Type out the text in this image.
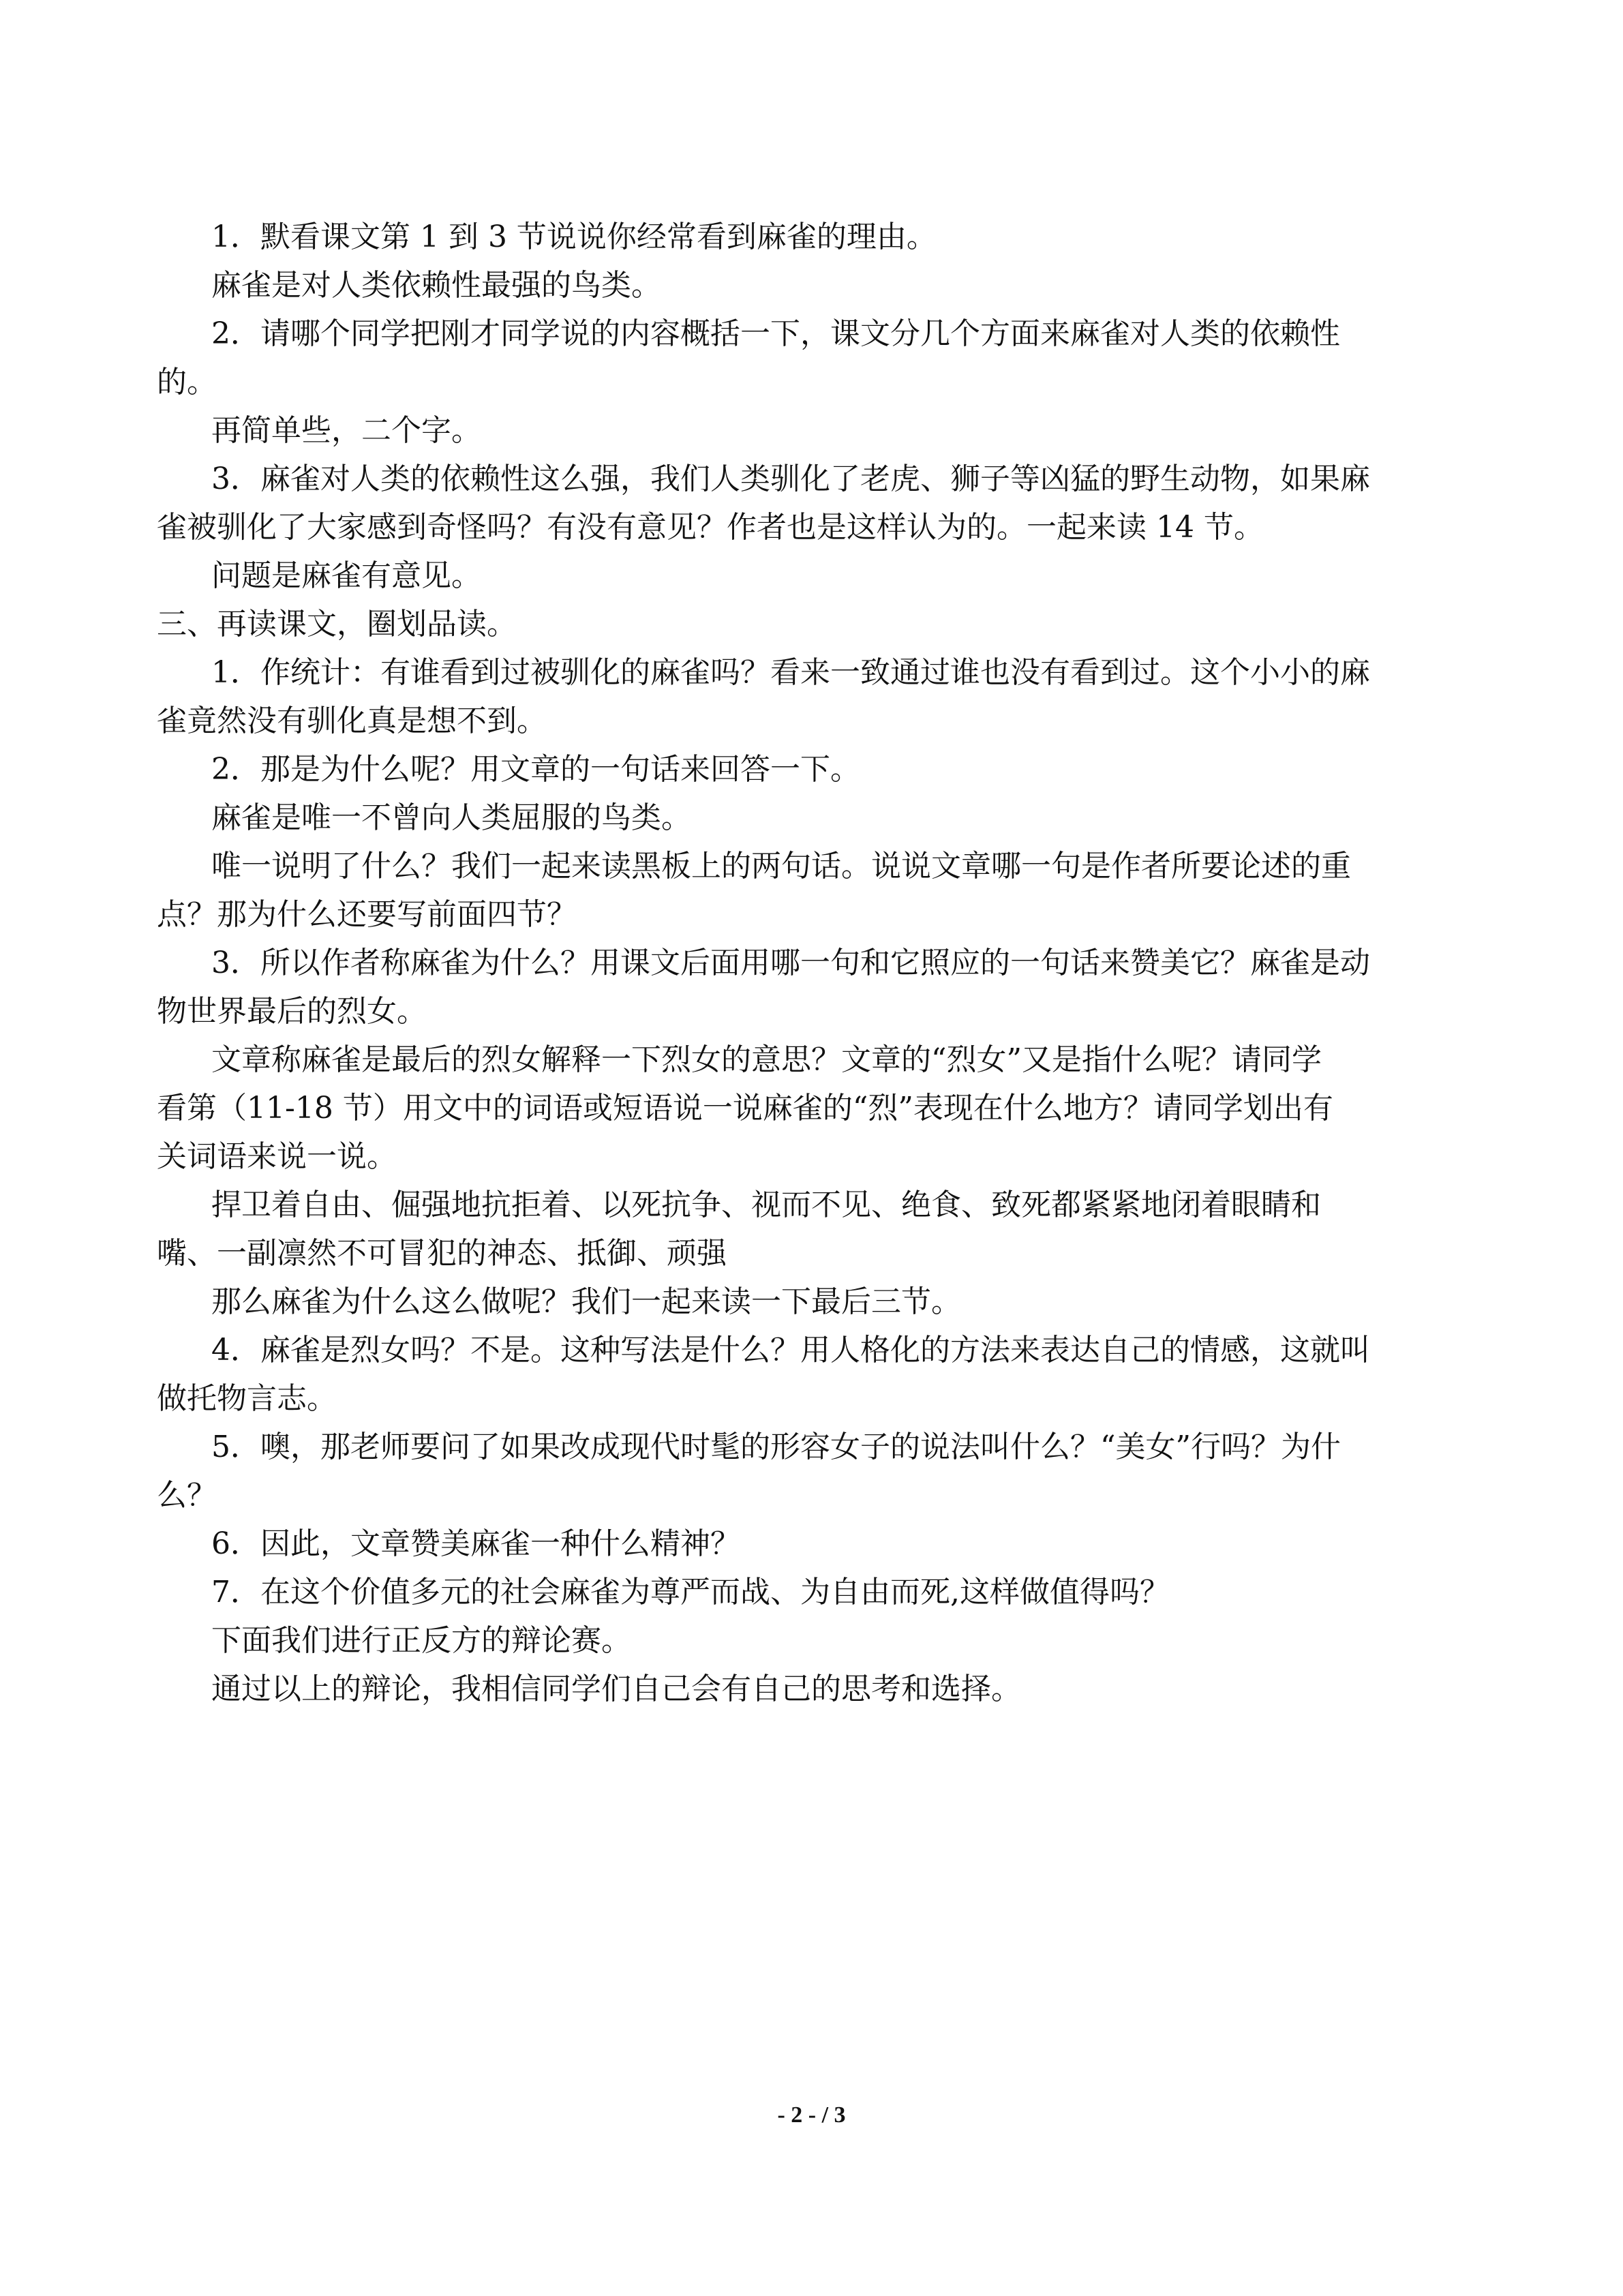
1．默看课文第 1 到 3 节说说你经常看到麻雀的理由。

麻雀是对人类依赖性最强的鸟类。

2．请哪个同学把刚才同学说的内容概括一下，课文分几个方面来麻雀对人类的依赖性

的。

再简单些，二个字。

3．麻雀对人类的依赖性这么强，我们人类驯化了老虎、狮子等凶猛的野生动物，如果麻

雀被驯化了大家感到奇怪吗？有没有意见？作者也是这样认为的。一起来读 14 节。

问题是麻雀有意见。

三、再读课文，圈划品读。

1．作统计：有谁看到过被驯化的麻雀吗？看来一致通过谁也没有看到过。这个小小的麻

雀竟然没有驯化真是想不到。

2．那是为什么呢？用文章的一句话来回答一下。

麻雀是唯一不曾向人类屈服的鸟类。

唯一说明了什么？我们一起来读黑板上的两句话。说说文章哪一句是作者所要论述的重

点？那为什么还要写前面四节？

3．所以作者称麻雀为什么？用课文后面用哪一句和它照应的一句话来赞美它？麻雀是动

物世界最后的烈女。

文章称麻雀是最后的烈女解释一下烈女的意思？文章的“烈女”又是指什么呢？请同学

看第（11-18 节）用文中的词语或短语说一说麻雀的“烈”表现在什么地方？请同学划出有

关词语来说一说。

捍卫着自由、倔强地抗拒着、以死抗争、视而不见、绝食、致死都紧紧地闭着眼睛和

嘴、一副凛然不可冒犯的神态、抵御、顽强

那么麻雀为什么这么做呢？我们一起来读一下最后三节。

4．麻雀是烈女吗？不是。这种写法是什么？用人格化的方法来表达自己的情感，这就叫

做托物言志。

5．噢，那老师要问了如果改成现代时髦的形容女子的说法叫什么？“美女”行吗？为什

么？

6．因此，文章赞美麻雀一种什么精神？

7．在这个价值多元的社会麻雀为尊严而战、为自由而死,这样做值得吗？

下面我们进行正反方的辩论赛。

通过以上的辩论，我相信同学们自己会有自己的思考和选择。

- 2 - / 3
